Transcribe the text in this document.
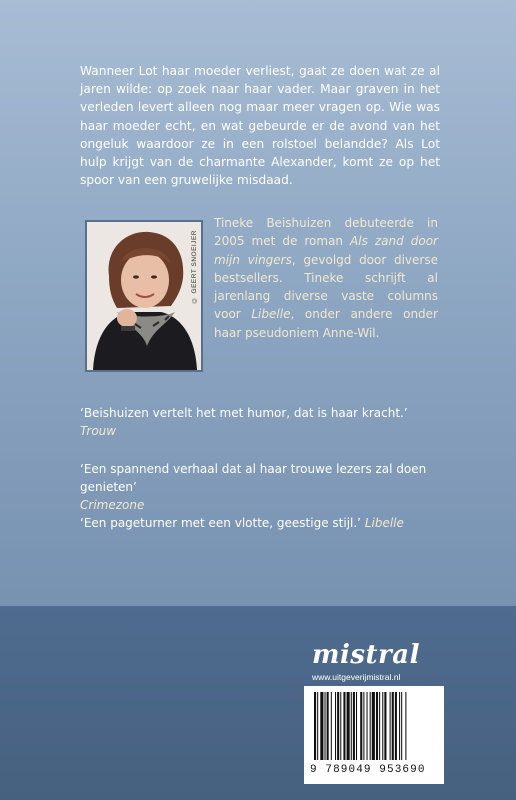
Wanneer Lot haar moeder verliest, gaat ze doen wat ze al jaren wilde: op zoek naar haar vader. Maar graven in het verleden levert alleen nog maar meer vragen op. Wie was haar moeder echt, en wat gebeurde er de avond van het ongeluk waardoor ze in een rolstoel belandde? Als Lot hulp krijgt van de charmante Alexander, komt ze op het spoor van een gruwelijke misdaad.

© GEERT SNOEIJER

Tineke Beishuizen debuteerde in 2005 met de roman Als zand door mijn vingers, gevolgd door diverse bestsellers. Tineke schrijft al jarenlang diverse vaste columns voor Libelle, onder andere onder haar pseudoniem Anne-Wil.

‘Beishuizen vertelt het met humor, dat is haar kracht.’
Trouw

‘Een spannend verhaal dat al haar trouwe lezers zal doen genieten’
Crimezone

‘Een pageturner met een vlotte, geestige stijl.’ Libelle

mistral
www.uitgeverijmistral.nl
9 789049 953690
